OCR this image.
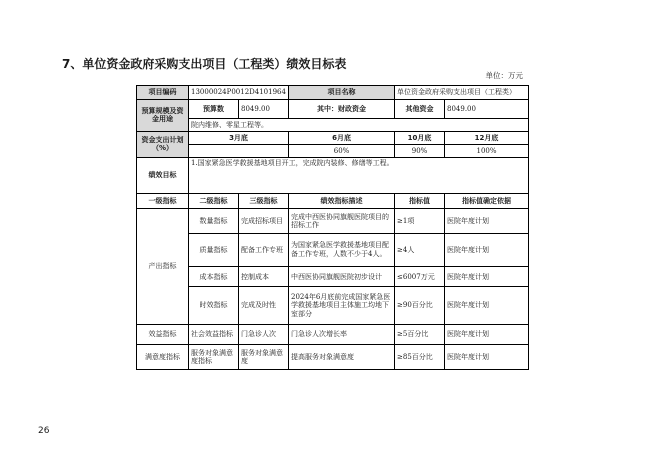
7、单位资金政府采购支出项目（工程类）绩效目标表
单位：万元
项目编码	13000024P0012D4101964		项目名称	单位资金政府采购支出项目（工程类）	
预算规模及资金用途	预算数	8049.00	其中：财政资金	其他资金	8049.00
	院内维修、零星工程等。				
资金支出计划（%）	3月底		6月底	10月底	12月底
			60%	90%	100%
绩效目标	1.国家紧急医学救援基地项目开工，完成院内装修、修缮等工程。				
一级指标	二级指标	三级指标	绩效指标描述	指标值	指标值确定依据
产出指标	数量指标	完成招标项目	完成中西医协同旗舰医院项目的招标工作	≥1项	医院年度计划
	质量指标	配备工作专班	为国家紧急医学救援基地项目配备工作专班，人数不少于4人。	≥4人	医院年度计划
	成本指标	控制成本	中西医协同旗舰医院初步设计	≤6007万元	医院年度计划
	时效指标	完成及时性	2024年6月底前完成国家紧急医学救援基地项目主体施工均地下室部分	≥90百分比	医院年度计划
效益指标	社会效益指标	门急诊人次	门急诊人次增长率	≥5百分比	医院年度计划
满意度指标	服务对象满意度指标	服务对象满意度	提高服务对象满意度	≥85百分比	医院年度计划
26
